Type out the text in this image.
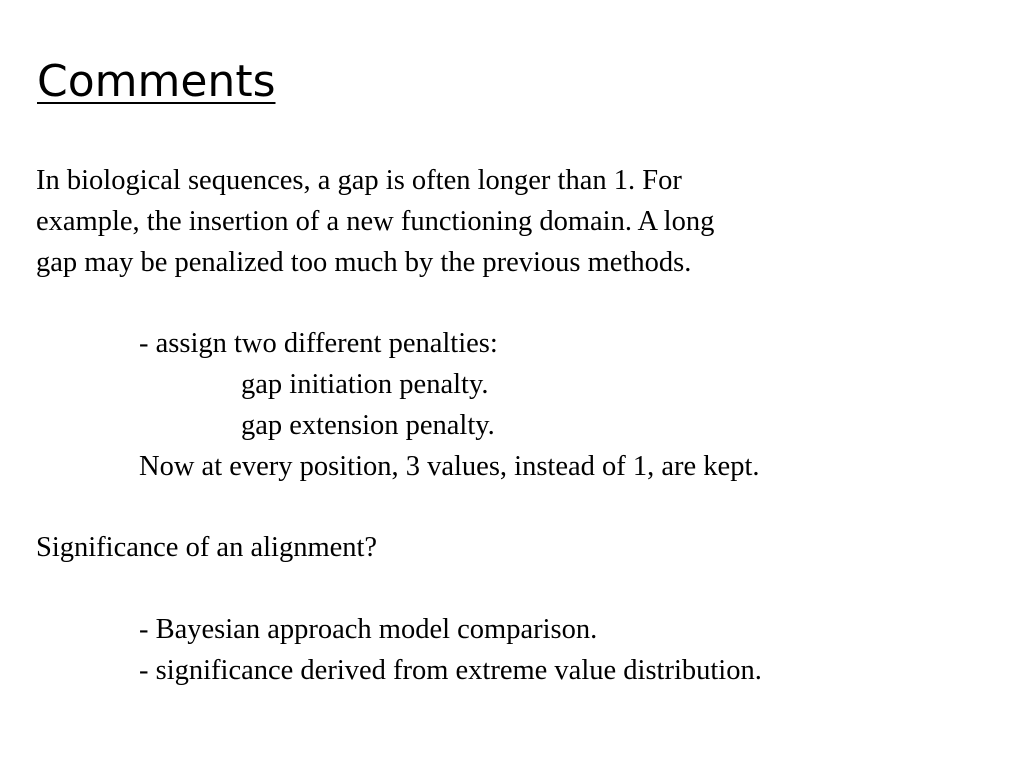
Comments
In biological sequences, a gap is often longer than 1. For
example, the insertion of a new functioning domain. A long
gap may be penalized too much by the previous methods.
- assign two different penalties:
gap initiation penalty.
gap extension penalty.
Now at every position, 3 values, instead of 1, are kept.
Significance of an alignment?
- Bayesian approach model comparison.
- significance derived from extreme value distribution.
